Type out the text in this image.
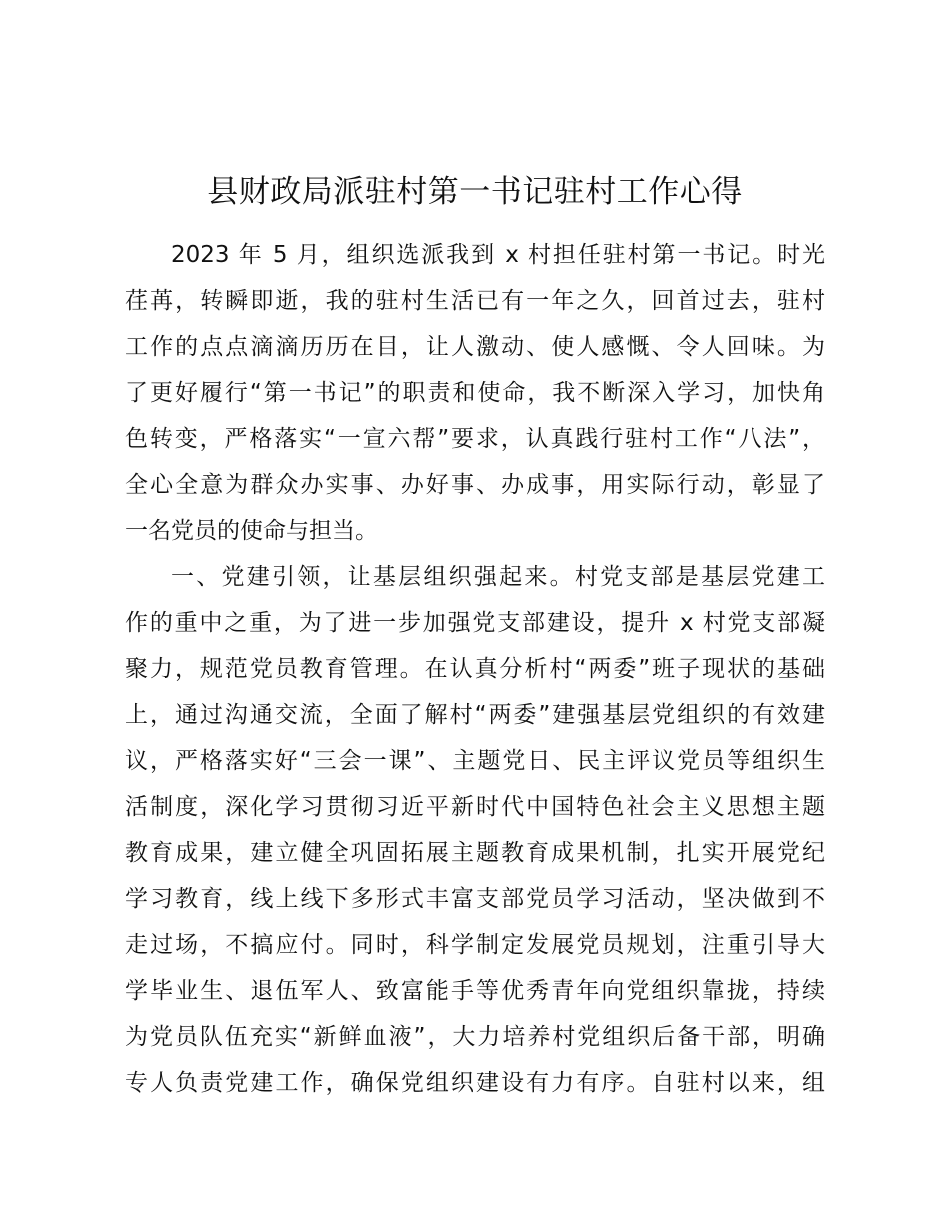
县财政局派驻村第一书记驻村工作心得

2023 年 5 月，组织选派我到 x 村担任驻村第一书记。时光
荏苒，转瞬即逝，我的驻村生活已有一年之久，回首过去，驻村
工作的点点滴滴历历在目，让人激动、使人感慨、令人回味。为
了更好履行“第一书记”的职责和使命，我不断深入学习，加快角
色转变，严格落实“一宣六帮”要求，认真践行驻村工作“八法”，
全心全意为群众办实事、办好事、办成事，用实际行动，彰显了
一名党员的使命与担当。

一、党建引领，让基层组织强起来。村党支部是基层党建工
作的重中之重，为了进一步加强党支部建设，提升 x 村党支部凝
聚力，规范党员教育管理。在认真分析村“两委”班子现状的基础
上，通过沟通交流，全面了解村“两委”建强基层党组织的有效建
议，严格落实好“三会一课”、主题党日、民主评议党员等组织生
活制度，深化学习贯彻习近平新时代中国特色社会主义思想主题
教育成果，建立健全巩固拓展主题教育成果机制，扎实开展党纪
学习教育，线上线下多形式丰富支部党员学习活动，坚决做到不
走过场，不搞应付。同时，科学制定发展党员规划，注重引导大
学毕业生、退伍军人、致富能手等优秀青年向党组织靠拢，持续
为党员队伍充实“新鲜血液”，大力培养村党组织后备干部，明确
专人负责党建工作，确保党组织建设有力有序。自驻村以来，组
